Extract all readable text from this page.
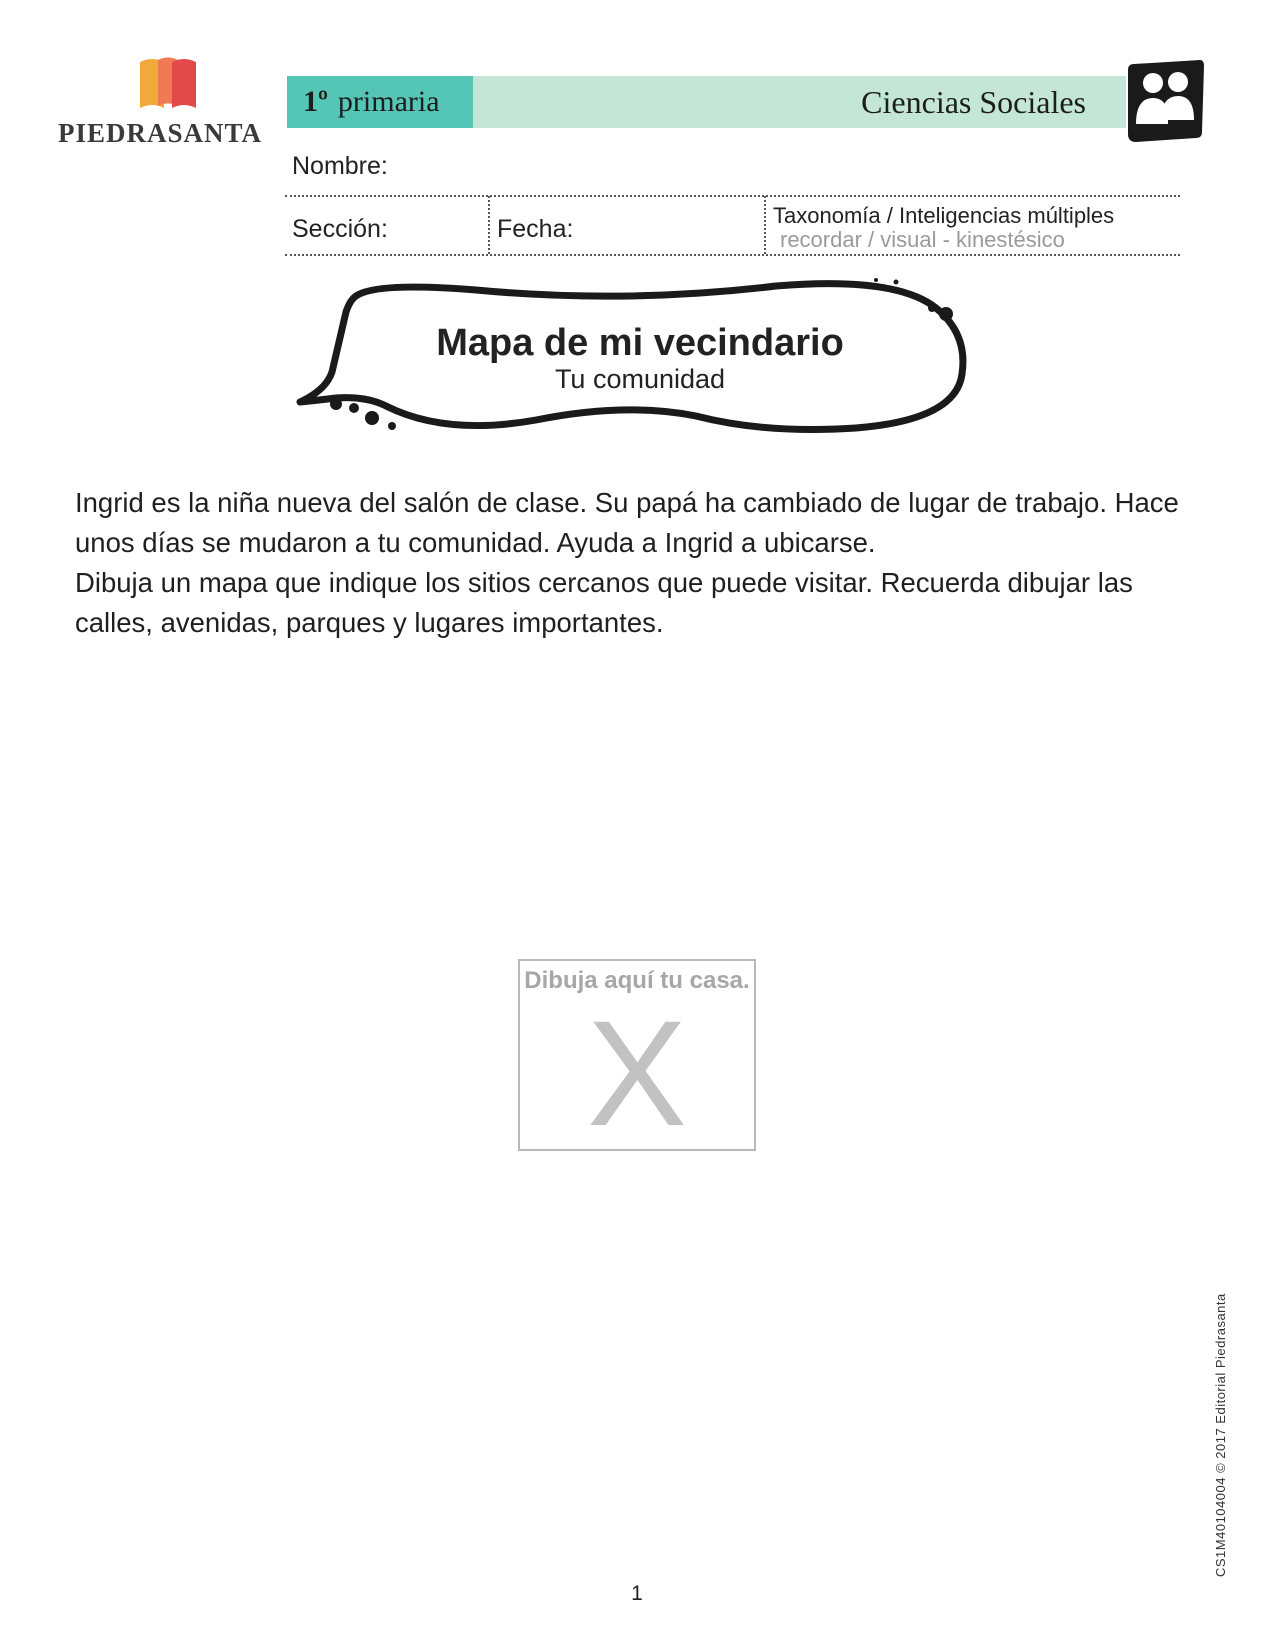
PIEDRASANTA
1º primaria	Ciencias Sociales
Nombre:
Sección:	Fecha:	Taxonomía / Inteligencias múltiples
recordar / visual - kinestésico
Mapa de mi vecindario
Tu comunidad

Ingrid es la niña nueva del salón de clase. Su papá ha cambiado de lugar de trabajo. Hace unos días se mudaron a tu comunidad. Ayuda a Ingrid a ubicarse.

Dibuja un mapa que indique los sitios cercanos que puede visitar. Recuerda dibujar las calles, avenidas, parques y lugares importantes.

Dibuja aquí tu casa.
X
1
CS1M40104004 © 2017 Editorial Piedrasanta
